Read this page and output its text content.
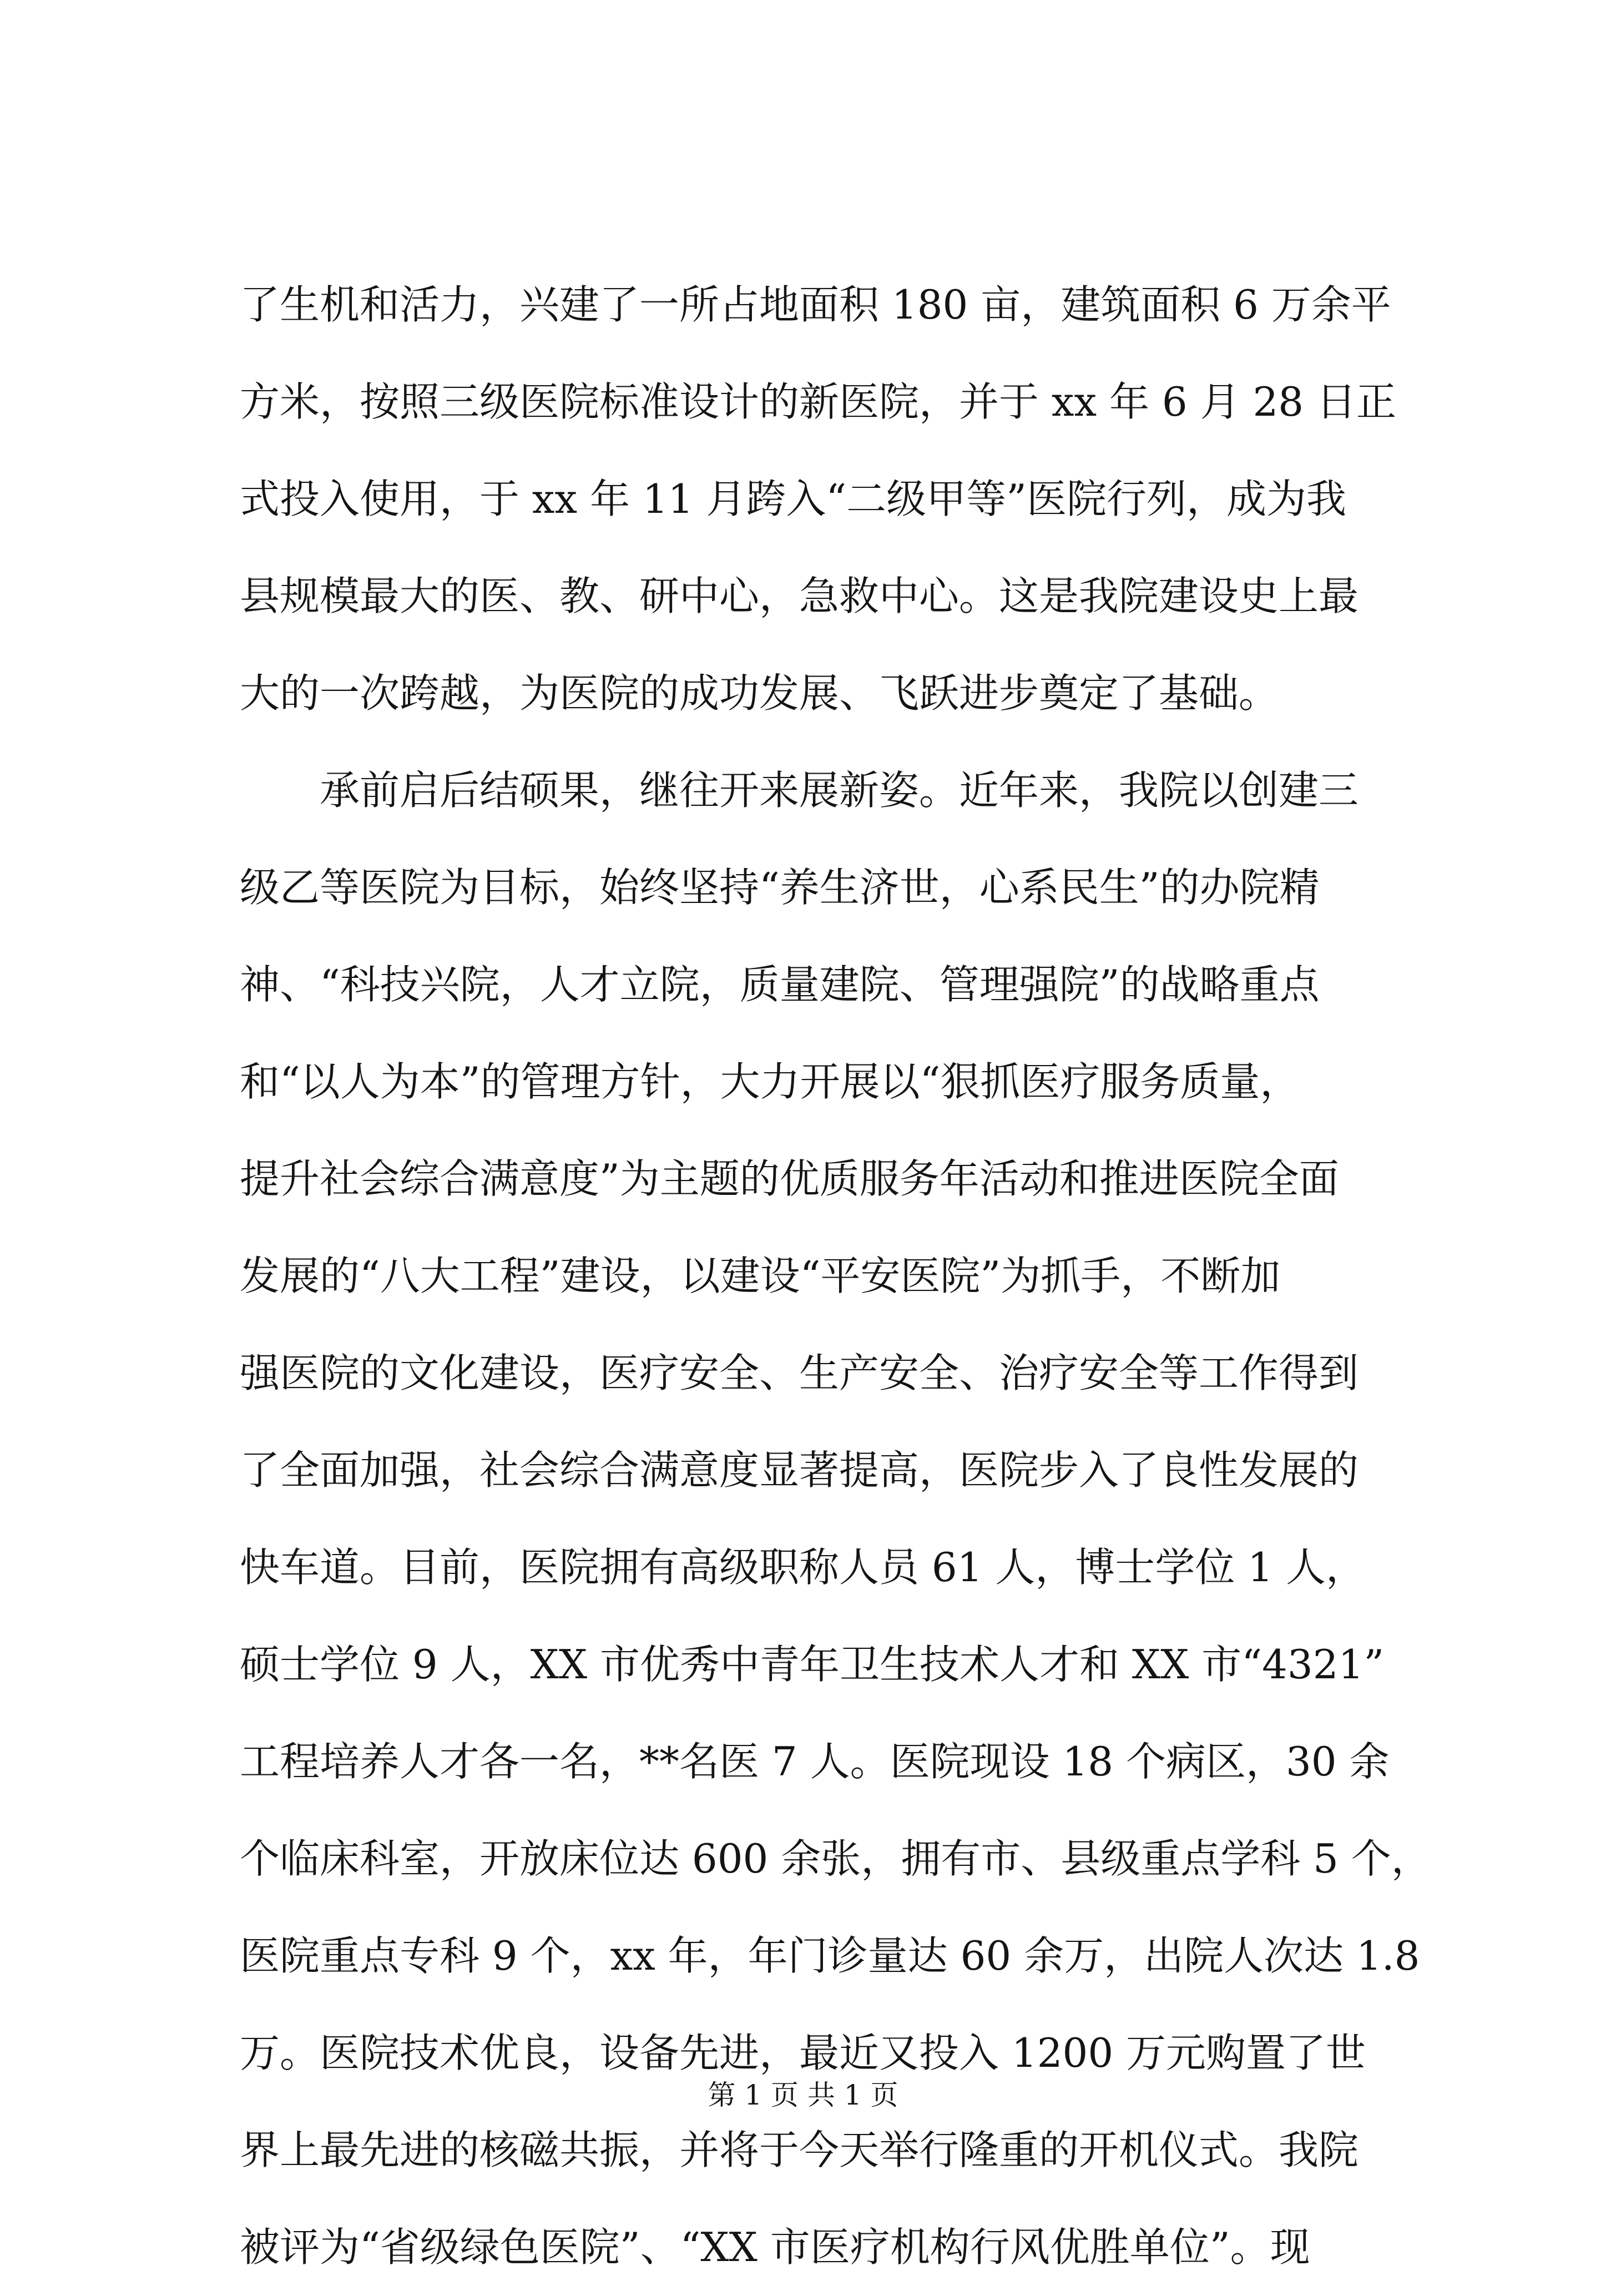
了生机和活力，兴建了一所占地面积 180 亩，建筑面积 6 万余平
方米，按照三级医院标准设计的新医院，并于 xx 年 6 月 28 日正
式投入使用，于 xx 年 11 月跨入“二级甲等”医院行列，成为我
县规模最大的医、教、研中心，急救中心。这是我院建设史上最
大的一次跨越，为医院的成功发展、飞跃进步奠定了基础。
　　承前启后结硕果，继往开来展新姿。近年来，我院以创建三
级乙等医院为目标，始终坚持“养生济世，心系民生”的办院精
神、“科技兴院，人才立院，质量建院、管理强院”的战略重点
和“以人为本”的管理方针，大力开展以“狠抓医疗服务质量，
提升社会综合满意度”为主题的优质服务年活动和推进医院全面
发展的“八大工程”建设，以建设“平安医院”为抓手，不断加
强医院的文化建设，医疗安全、生产安全、治疗安全等工作得到
了全面加强，社会综合满意度显著提高，医院步入了良性发展的
快车道。目前，医院拥有高级职称人员 61 人，博士学位 1 人，
硕士学位 9 人，XX 市优秀中青年卫生技术人才和 XX 市“4321”
工程培养人才各一名，**名医 7 人。医院现设 18 个病区，30 余
个临床科室，开放床位达 600 余张，拥有市、县级重点学科 5 个，
医院重点专科 9 个，xx 年，年门诊量达 60 余万，出院人次达 1.8
万。医院技术优良，设备先进，最近又投入 1200 万元购置了世
界上最先进的核磁共振，并将于今天举行隆重的开机仪式。我院
被评为“省级绿色医院”、“XX 市医疗机构行风优胜单位”。现
第 1 页 共 1 页
